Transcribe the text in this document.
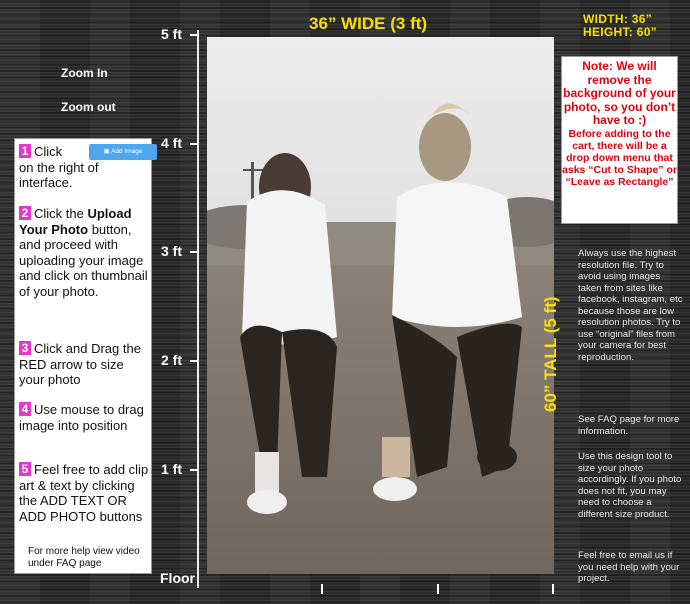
5 ft
4 ft
3 ft
2 ft
1 ft
Floor
36” WIDE (3 ft)	WIDTH: 36”
HEIGHT: 60”
Zoom In
Zoom out
1 Click
on the right of interface.
▣ Add Image
2 Click the Upload Your Photo button, and proceed with uploading your image and click on thumbnail of your photo.
3 Click and Drag the RED arrow to size your photo
4 Use mouse to drag image into position
5 Feel free to add clip art & text by clicking the ADD TEXT OR ADD PHOTO buttons
For more help view video under FAQ page
Note: We will remove the background of your photo, so you don’t have to :)
Before adding to the cart, there will be a drop down menu that asks “Cut to Shape” or “Leave as Rectangle”
60” TALL (5 ft)
Always use the highest resolution file. Try to avoid using images taken from sites like facebook, instagram, etc because those are low resolution photos. Try to use “original” files from your camera for best reproduction.
See FAQ page for more information.
Use this design tool to size your photo accordingly. If you photo does not fit, you may need to choose a different size product.
Feel free to email us if you need help with your project.
